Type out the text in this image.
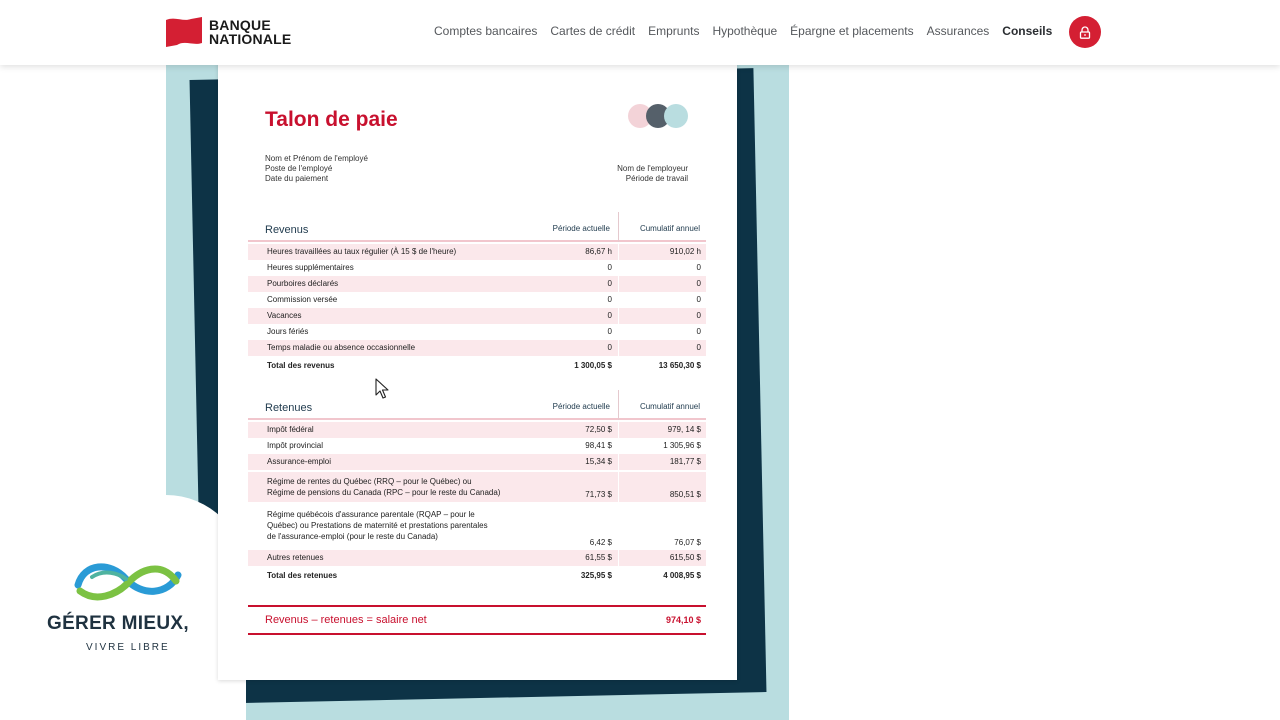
Talon de paie
Nom et Prénom de l'employé
Poste de l'employé
Date du paiement
Nom de l'employeur
Période de travail
Revenus	Période actuelle	Cumulatif annuel
Heures travaillées au taux régulier (À 15 $ de l'heure)	86,67 h	910,02 h
Heures supplémentaires	0	0
Pourboires déclarés	0	0
Commission versée	0	0
Vacances	0	0
Jours fériés	0	0
Temps maladie ou absence occasionnelle	0	0
Total des revenus	1 300,05 $	13 650,30 $
Retenues	Période actuelle	Cumulatif annuel
Impôt fédéral	72,50 $	979, 14 $
Impôt provincial	98,41 $	1 305,96 $
Assurance-emploi	15,34 $	181,77 $
Régime de rentes du Québec (RRQ – pour le Québec) ou
Régime de pensions du Canada (RPC – pour le reste du Canada)	71,73 $	850,51 $
Régime québécois d'assurance parentale (RQAP – pour le
Québec) ou Prestations de maternité et prestations parentales
de l'assurance-emploi (pour le reste du Canada)
6,42 $	76,07 $
Autres retenues	61,55 $	615,50 $
Total des retenues	325,95 $	4 008,95 $
Revenus – retenues = salaire net	974,10 $
GÉRER MIEUX,
VIVRE LIBRE
BANQUE
NATIONALE	Comptes bancaires Cartes de crédit Emprunts Hypothèque Épargne et placements Assurances Conseils
